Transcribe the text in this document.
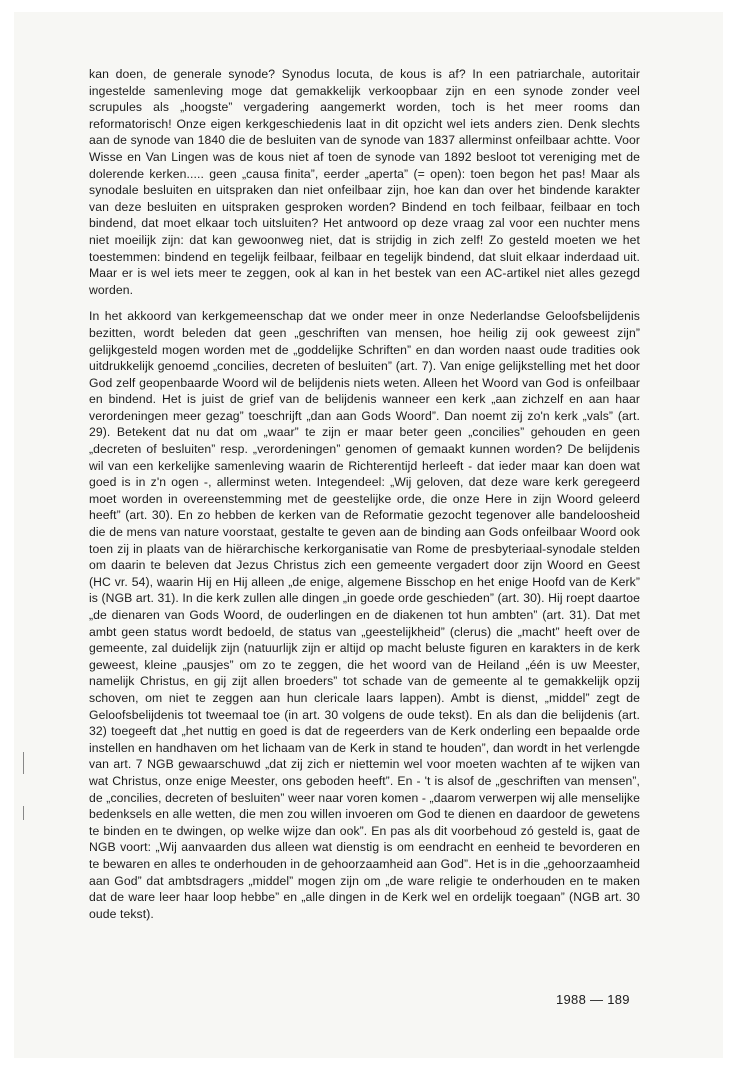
kan doen, de generale synode? Synodus locuta, de kous is af? In een patriarchale, autoritair ingestelde samenleving moge dat gemakkelijk verkoopbaar zijn en een synode zonder veel scrupules als „hoogste” vergadering aangemerkt worden, toch is het meer rooms dan reformatorisch! Onze eigen kerkgeschiedenis laat in dit opzicht wel iets anders zien. Denk slechts aan de synode van 1840 die de besluiten van de synode van 1837 allerminst onfeilbaar achtte. Voor Wisse en Van Lingen was de kous niet af toen de synode van 1892 besloot tot vereniging met de dolerende kerken..... geen „causa finita”, eerder „aperta” (= open): toen begon het pas! Maar als synodale besluiten en uitspraken dan niet onfeilbaar zijn, hoe kan dan over het bindende karakter van deze besluiten en uitspraken gesproken worden? Bindend en toch feilbaar, feilbaar en toch bindend, dat moet elkaar toch uitsluiten? Het antwoord op deze vraag zal voor een nuchter mens niet moeilijk zijn: dat kan gewoonweg niet, dat is strijdig in zich zelf! Zo gesteld moeten we het toestemmen: bindend en tegelijk feilbaar, feilbaar en tegelijk bindend, dat sluit elkaar inderdaad uit. Maar er is wel iets meer te zeggen, ook al kan in het bestek van een AC-artikel niet alles gezegd worden.

In het akkoord van kerkgemeenschap dat we onder meer in onze Nederlandse Geloofsbelijdenis bezitten, wordt beleden dat geen „geschriften van mensen, hoe heilig zij ook geweest zijn” gelijkgesteld mogen worden met de „goddelijke Schriften” en dan worden naast oude tradities ook uitdrukkelijk genoemd „concilies, decreten of besluiten” (art. 7). Van enige gelijkstelling met het door God zelf geopenbaarde Woord wil de belijdenis niets weten. Alleen het Woord van God is onfeilbaar en bindend. Het is juist de grief van de belijdenis wanneer een kerk „aan zichzelf en aan haar verordeningen meer gezag” toeschrijft „dan aan Gods Woord”. Dan noemt zij zo'n kerk „vals” (art. 29). Betekent dat nu dat om „waar” te zijn er maar beter geen „concilies” gehouden en geen „decreten of besluiten” resp. „verordeningen” genomen of gemaakt kunnen worden? De belijdenis wil van een kerkelijke samenleving waarin de Richterentijd herleeft - dat ieder maar kan doen wat goed is in z'n ogen -, allerminst weten. Integendeel: „Wij geloven, dat deze ware kerk geregeerd moet worden in overeenstemming met de geestelijke orde, die onze Here in zijn Woord geleerd heeft” (art. 30). En zo hebben de kerken van de Reformatie gezocht tegenover alle bandeloosheid die de mens van nature voorstaat, gestalte te geven aan de binding aan Gods onfeilbaar Woord ook toen zij in plaats van de hiërarchische kerkorganisatie van Rome de presbyteriaal-synodale stelden om daarin te beleven dat Jezus Christus zich een gemeente vergadert door zijn Woord en Geest (HC vr. 54), waarin Hij en Hij alleen „de enige, algemene Bisschop en het enige Hoofd van de Kerk” is (NGB art. 31). In die kerk zullen alle dingen „in goede orde geschieden” (art. 30). Hij roept daartoe „de dienaren van Gods Woord, de ouderlingen en de diakenen tot hun ambten” (art. 31). Dat met ambt geen status wordt bedoeld, de status van „geestelijkheid” (clerus) die „macht” heeft over de gemeente, zal duidelijk zijn (natuurlijk zijn er altijd op macht beluste figuren en karakters in de kerk geweest, kleine „pausjes” om zo te zeggen, die het woord van de Heiland „één is uw Meester, namelijk Christus, en gij zijt allen broeders” tot schade van de gemeente al te gemakkelijk opzij schoven, om niet te zeggen aan hun clericale laars lappen). Ambt is dienst, „middel” zegt de Geloofsbelijdenis tot tweemaal toe (in art. 30 volgens de oude tekst). En als dan die belijdenis (art. 32) toegeeft dat „het nuttig en goed is dat de regeerders van de Kerk onderling een bepaalde orde instellen en handhaven om het lichaam van de Kerk in stand te houden”, dan wordt in het verlengde van art. 7 NGB gewaarschuwd „dat zij zich er niettemin wel voor moeten wachten af te wijken van wat Christus, onze enige Meester, ons geboden heeft”. En - 't is alsof de „geschriften van mensen”, de „concilies, decreten of besluiten” weer naar voren komen - „daarom verwerpen wij alle menselijke bedenksels en alle wetten, die men zou willen invoeren om God te dienen en daardoor de gewetens te binden en te dwingen, op welke wijze dan ook”. En pas als dit voorbehoud zó gesteld is, gaat de NGB voort: „Wij aanvaarden dus alleen wat dienstig is om eendracht en eenheid te bevorderen en te bewaren en alles te onderhouden in de gehoorzaamheid aan God”. Het is in die „gehoorzaamheid aan God” dat ambtsdragers „middel” mogen zijn om „de ware religie te onderhouden en te maken dat de ware leer haar loop hebbe” en „alle dingen in de Kerk wel en ordelijk toegaan” (NGB art. 30 oude tekst).

1988 — 189
